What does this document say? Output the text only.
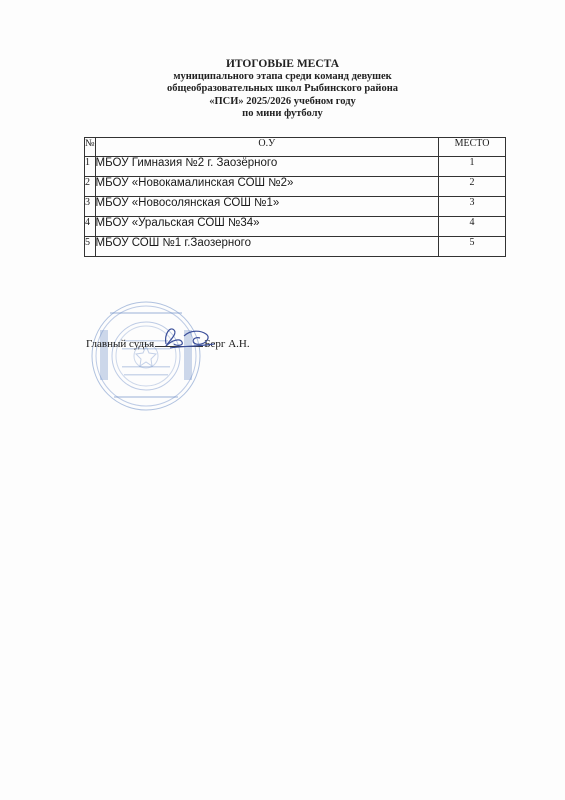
ИТОГОВЫЕ МЕСТА
муниципального этапа среди команд девушек
общеобразовательных школ Рыбинского района
«ПСИ» 2025/2026 учебном году
по мини футболу
№	О.У	МЕСТО
1	МБОУ Гимназия №2 г. Заозёрного	1
2	МБОУ «Новокамалинская СОШ №2»	2
3	МБОУ «Новосолянская СОШ №1»	3
4	МБОУ «Уральская СОШ №34»	4
5	МБОУ СОШ №1 г.Заозерного	5
Главный судья	Берг А.Н.
